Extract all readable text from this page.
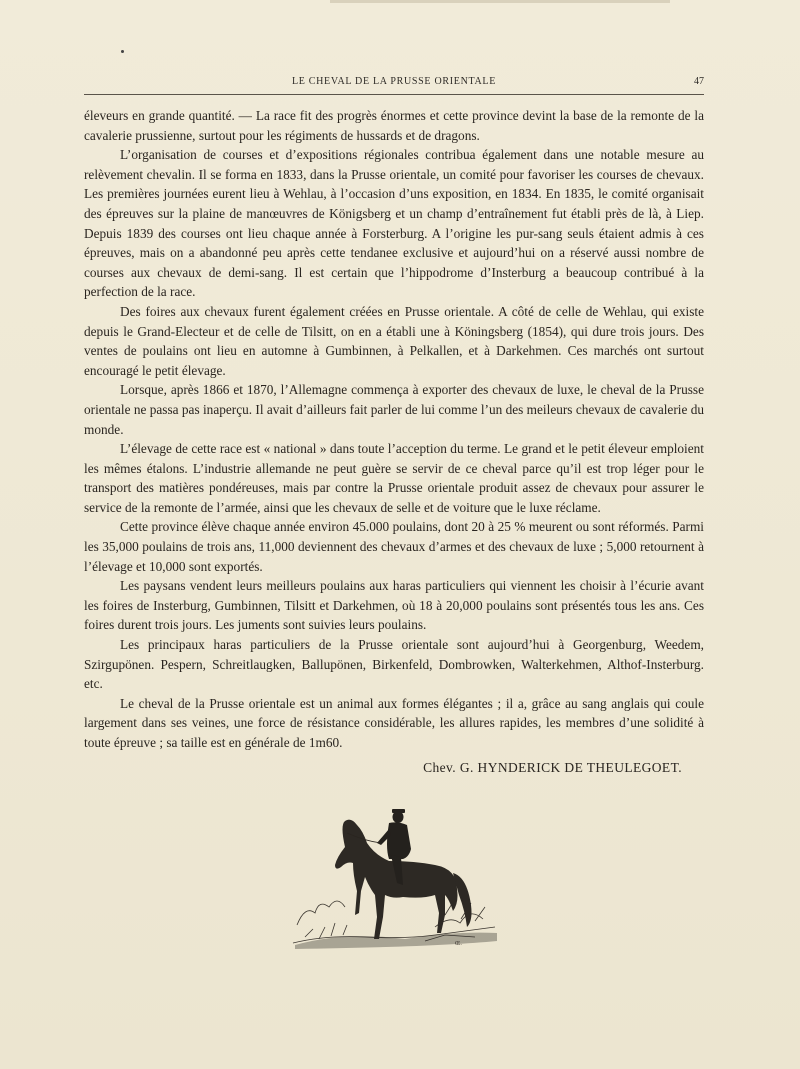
LE CHEVAL DE LA PRUSSE ORIENTALE	47

éleveurs en grande quantité. — La race fit des progrès énormes et cette province devint la base de la remonte de la cavalerie prussienne, surtout pour les régiments de hussards et de dragons.

L’organisation de courses et d’expositions régionales contribua également dans une notable mesure au relèvement chevalin. Il se forma en 1833, dans la Prusse orientale, un comité pour favoriser les courses de chevaux. Les premières journées eurent lieu à Wehlau, à l’occasion d’uns exposition, en 1834. En 1835, le comité organisait des épreuves sur la plaine de manœuvres de Königsberg et un champ d’entraînement fut établi près de là, à Liep. Depuis 1839 des courses ont lieu chaque année à Forsterburg. A l’origine les pur-sang seuls étaient admis à ces épreuves, mais on a abandonné peu après cette tendanee exclusive et aujourd’hui on a réservé aussi nombre de courses aux chevaux de demi-sang. Il est certain que l’hippodrome d’Insterburg a beaucoup contribué à la perfection de la race.

Des foires aux chevaux furent également créées en Prusse orientale. A côté de celle de Wehlau, qui existe depuis le Grand-Electeur et de celle de Tilsitt, on en a établi une à Köningsberg (1854), qui dure trois jours. Des ventes de poulains ont lieu en automne à Gumbinnen, à Pelkallen, et à Darkehmen. Ces marchés ont surtout encouragé le petit élevage.

Lorsque, après 1866 et 1870, l’Allemagne commença à exporter des chevaux de luxe, le cheval de la Prusse orientale ne passa pas inaperçu. Il avait d’ailleurs fait parler de lui comme l’un des meileurs chevaux de cavalerie du monde.

L’élevage de cette race est « national » dans toute l’acception du terme. Le grand et le petit éleveur emploient les mêmes étalons. L’industrie allemande ne peut guère se servir de ce cheval parce qu’il est trop léger pour le transport des matières pondéreuses, mais par contre la Prusse orientale produit assez de chevaux pour assurer le service de la remonte de l’armée, ainsi que les chevaux de selle et de voiture que le luxe réclame.

Cette province élève chaque année environ 45.000 poulains, dont 20 à 25 % meurent ou sont réformés. Parmi les 35,000 poulains de trois ans, 11,000 deviennent des chevaux d’armes et des chevaux de luxe ; 5,000 retournent à l’élevage et 10,000 sont exportés.

Les paysans vendent leurs meilleurs poulains aux haras particuliers qui viennent les choisir à l’écurie avant les foires de Insterburg, Gumbinnen, Tilsitt et Darkehmen, où 18 à 20,000 poulains sont présentés tous les ans. Ces foires durent trois jours. Les juments sont suivies leurs poulains.

Les principaux haras particuliers de la Prusse orientale sont aujourd’hui à Georgenburg, Weedem, Szirgupönen. Pespern, Schreitlaugken, Ballupönen, Birkenfeld, Dombrowken, Walterkehmen, Althof-Insterburg. etc.

Le cheval de la Prusse orientale est un animal aux formes élégantes ; il a, grâce au sang anglais qui coule largement dans ses veines, une force de résistance considérable, les allures rapides, les membres d’une solidité à toute épreuve ; sa taille est en générale de 1m60.

Chev. G. HYNDERICK DE THEULEGOET.
Œ.
